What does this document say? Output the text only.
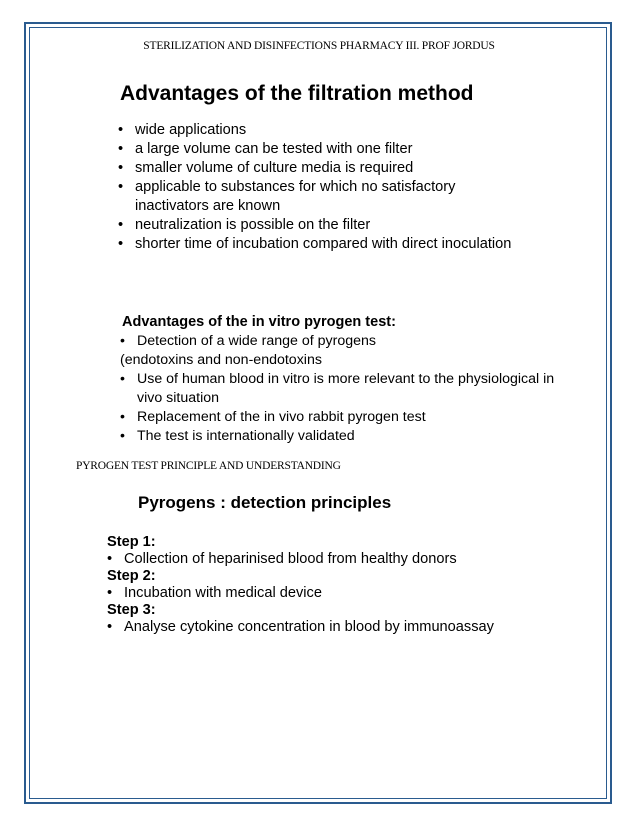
STERILIZATION AND DISINFECTIONS PHARMACY III. PROF JORDUS
Advantages of the filtration method
• wide applications
• a large volume can be tested with one filter
• smaller volume of culture media is required
• applicable to substances for which no satisfactory inactivators are known
• neutralization is possible on the filter
• shorter time of incubation compared with direct inoculation
Advantages of the in vitro pyrogen test:
• Detection of a wide range of pyrogens
(endotoxins and non-endotoxins
• Use of human blood in vitro is more relevant to the physiological in vivo situation
• Replacement of the in vivo rabbit pyrogen test
• The test is internationally validated

PYROGEN TEST PRINCIPLE AND UNDERSTANDING

Pyrogens : detection principles

Step 1:

• Collection of heparinised blood from healthy donors

Step 2:

• Incubation with medical device

Step 3:

• Analyse cytokine concentration in blood by immunoassay
